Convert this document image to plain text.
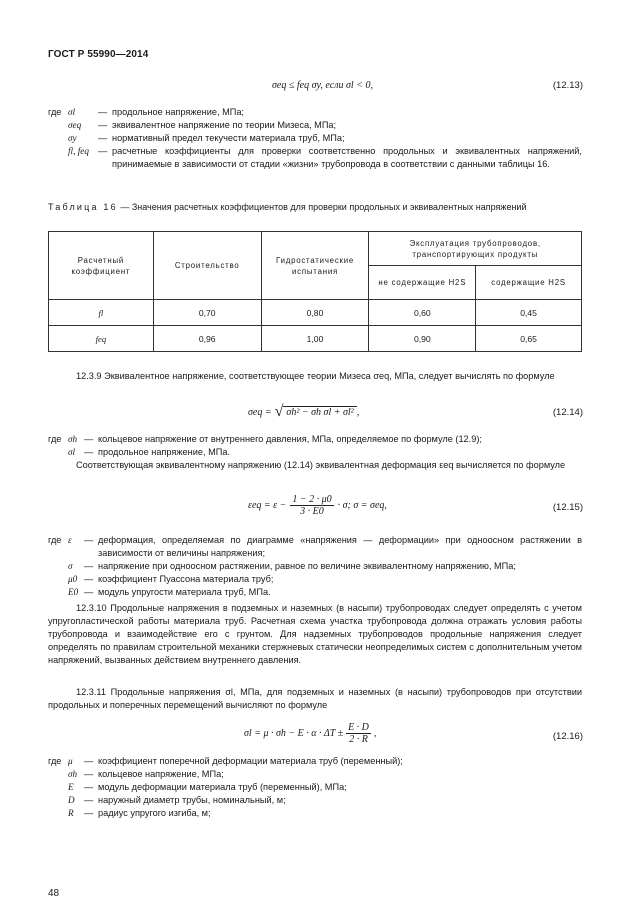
ГОСТ Р 55990—2014
σeq ≤ feq σy, если σl < 0,	(12.13)
где σl	— продольное напряжение, МПа;
σeq	— эквивалентное напряжение по теории Мизеса, МПа;
σy	— нормативный предел текучести материала труб, МПа;
fl, feq — расчетные коэффициенты для проверки соответственно продольных и эквивалентных напряжений, принимаемые в зависимости от стадии «жизни» трубопровода в соответствии с данными таблицы 16.
Таблица 16 — Значения расчетных коэффициентов для проверки продольных и эквивалентных напряжений
Расчетный коэффициент	Строительство	Гидростатические испытания	Эксплуатация трубопроводов, транспортирующих продукты	
			не содержащие H2S	содержащие H2S
fl	0,70	0,80	0,60	0,45
feq	0,96	1,00	0,90	0,65
12.3.9 Эквивалентное напряжение, соответствующее теории Мизеса σeq, МПа, следует вычислять по формуле
σeq = √ σh² − σh σl + σl² ,	(12.14)
где σh — кольцевое напряжение от внутреннего давления, МПа, определяемое по формуле (12.9);
σl — продольное напряжение, МПа.
Соответствующая эквивалентному напряжению (12.14) эквивалентная деформация εeq вычисляется по формуле
$\varepsilon eq = \varepsilon - \frac{1 - 2 \cdot \mu 0}{3 \cdot E0} \cdot \sigma$; σ = σeq,	(12.15)
где ε	— деформация, определяемая по диаграмме «напряжения — деформации» при одноосном растяжении в зависимости от величины напряжения;
σ	— напряжение при одноосном растяжении, равное по величине эквивалентному напряжению, МПа;
μ0 — коэффициент Пуассона материала труб;
E0 — модуль упругости материала труб, МПа.
12.3.10 Продольные напряжения в подземных и наземных (в насыпи) трубопроводах следует определять с учетом упругопластической работы материала труб. Расчетная схема участка трубопровода должна отражать условия работы трубопровода и взаимодействие его с грунтом. Для надземных трубопроводов продольные напряжения следует определять по правилам строительной механики стержневых статически неопределимых систем с дополнительным учетом напряжений, вызванных действием внутреннего давления.
12.3.11 Продольные напряжения σl, МПа, для подземных и наземных (в насыпи) трубопроводов при отсутствии продольных и поперечных перемещений вычисляют по формуле
$\sigma l = \mu \cdot \sigma h - E \cdot \alpha \cdot \Delta T \pm \frac{E \cdot D}{2 \cdot R}$ ,	(12.16)
где μ	— коэффициент поперечной деформации материала труб (переменный);
σh — кольцевое напряжение, МПа;
E	— модуль деформации материала труб (переменный), МПа;
D	— наружный диаметр трубы, номинальный, м;
R	— радиус упругого изгиба, м;
48
